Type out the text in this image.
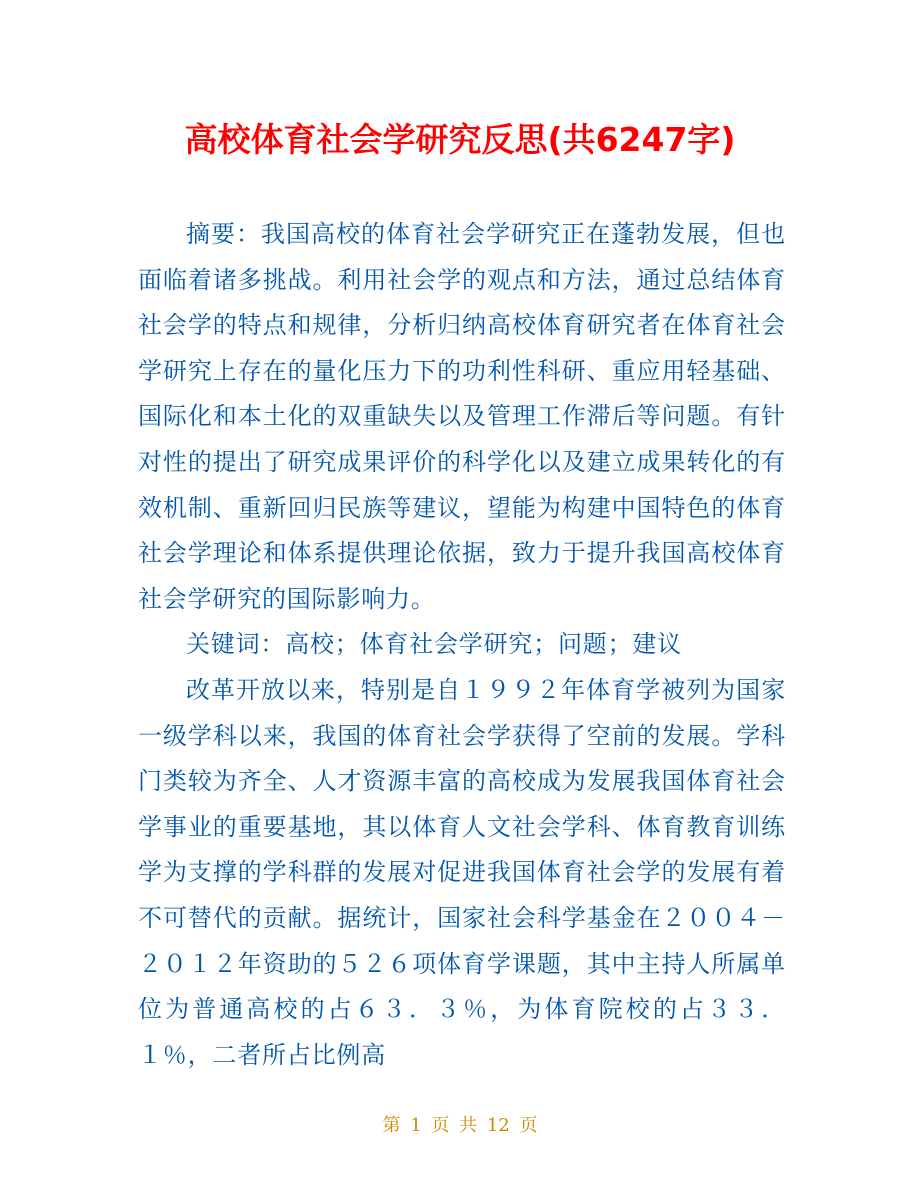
高校体育社会学研究反思(共6247字)

摘要：我国高校的体育社会学研究正在蓬勃发展，但也面临着诸多挑战。利用社会学的观点和方法，通过总结体育社会学的特点和规律，分析归纳高校体育研究者在体育社会学研究上存在的量化压力下的功利性科研、重应用轻基础、国际化和本土化的双重缺失以及管理工作滞后等问题。有针对性的提出了研究成果评价的科学化以及建立成果转化的有效机制、重新回归民族等建议，望能为构建中国特色的体育社会学理论和体系提供理论依据，致力于提升我国高校体育社会学研究的国际影响力。

关键词：高校；体育社会学研究；问题；建议

改革开放以来，特别是自１９９２年体育学被列为国家一级学科以来，我国的体育社会学获得了空前的发展。学科门类较为齐全、人才资源丰富的高校成为发展我国体育社会学事业的重要基地，其以体育人文社会学科、体育教育训练学为支撑的学科群的发展对促进我国体育社会学的发展有着不可替代的贡献。据统计，国家社会科学基金在２００４－２０１２年资助的５２６项体育学课题，其中主持人所属单位为普通高校的占６３．３％，为体育院校的占３３．１％，二者所占比例高

第 1 页 共 12 页
